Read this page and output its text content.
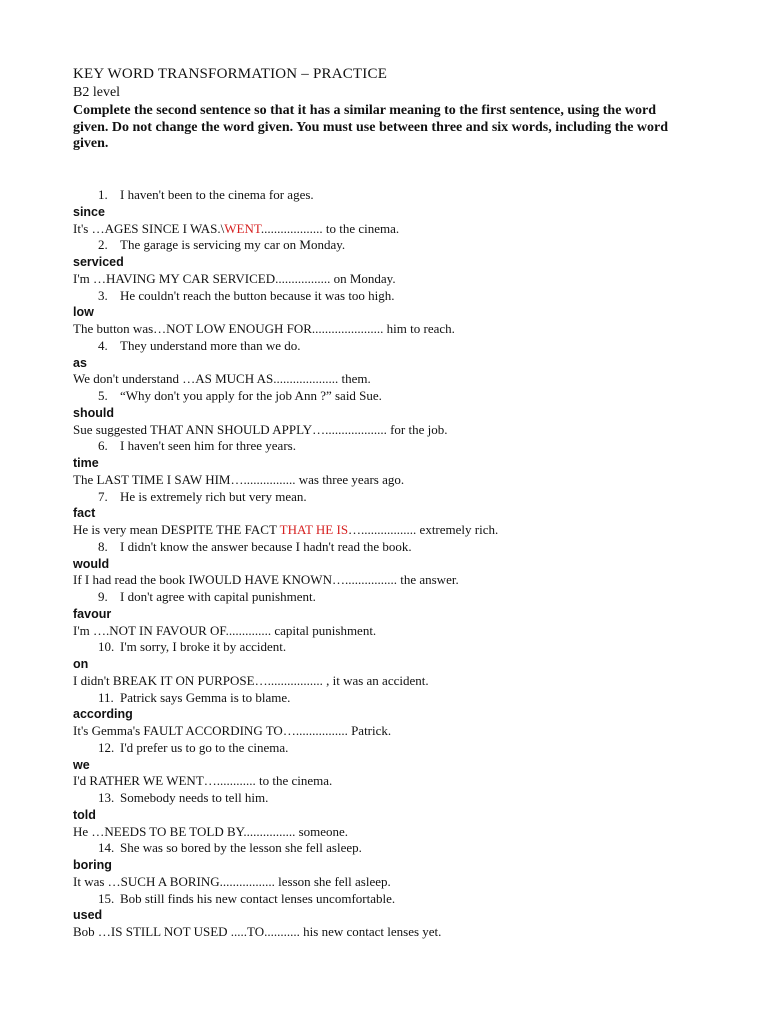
KEY WORD TRANSFORMATION – PRACTICE
B2 level
Complete the second sentence so that it has a similar meaning to the first sentence, using the word given. Do not change the word given. You must use between three and six words, including the word given.
1. I haven't been to the cinema for ages.
since
It's …AGES SINCE I WAS.\WENT................... to the cinema.
2. The garage is servicing my car on Monday.
serviced
I'm …HAVING MY CAR SERVICED................. on Monday.
3. He couldn't reach the button because it was too high.
low
The button was…NOT LOW ENOUGH FOR...................... him to reach.
4. They understand more than we do.
as
We don't understand …AS MUCH AS.................... them.
5. “Why don't you apply for the job Ann ?” said Sue.
should
Sue suggested THAT ANN SHOULD APPLY…................... for the job.
6. I haven't seen him for three years.
time
The LAST TIME I SAW HIM…................ was three years ago.
7. He is extremely rich but very mean.
fact
He is very mean DESPITE THE FACT THAT HE IS…................. extremely rich.
8. I didn't know the answer because I hadn't read the book.
would
If I had read the book IWOULD HAVE KNOWN…................ the answer.
9. I don't agree with capital punishment.
favour
I'm ….NOT IN FAVOUR OF.............. capital punishment.
10. I'm sorry, I broke it by accident.
on
I didn't BREAK IT ON PURPOSE…................. , it was an accident.
11. Patrick says Gemma is to blame.
according
It's Gemma's FAULT ACCORDING TO…................ Patrick.
12. I'd prefer us to go to the cinema.
we
I'd RATHER WE WENT…............ to the cinema.
13. Somebody needs to tell him.
told
He …NEEDS TO BE TOLD BY................ someone.
14. She was so bored by the lesson she fell asleep.
boring
It was …SUCH A BORING................. lesson she fell asleep.
15. Bob still finds his new contact lenses uncomfortable.
used
Bob …IS STILL NOT USED .....TO........... his new contact lenses yet.
